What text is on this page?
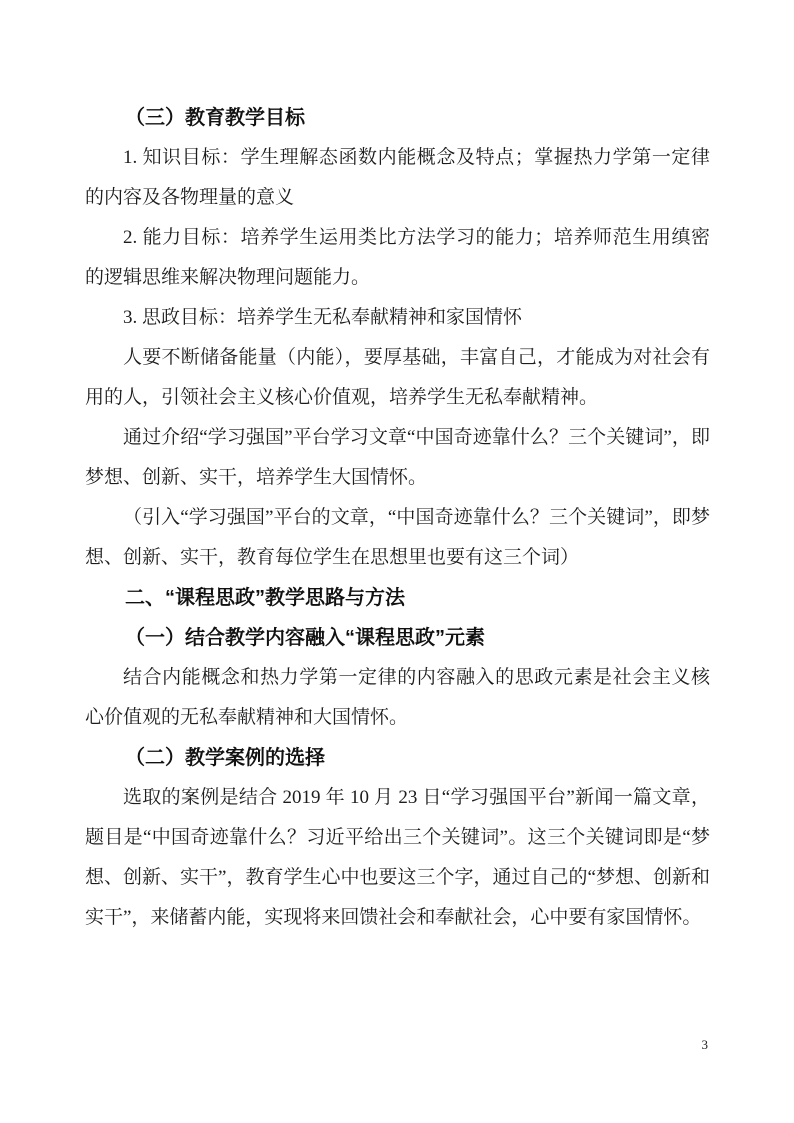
（三）教育教学目标

1. 知识目标：学生理解态函数内能概念及特点；掌握热力学第一定律的内容及各物理量的意义

2. 能力目标：培养学生运用类比方法学习的能力；培养师范生用缜密的逻辑思维来解决物理问题能力。

3. 思政目标：培养学生无私奉献精神和家国情怀

人要不断储备能量（内能），要厚基础，丰富自己，才能成为对社会有用的人，引领社会主义核心价值观，培养学生无私奉献精神。

通过介绍“学习强国”平台学习文章“中国奇迹靠什么？三个关键词”，即梦想、创新、实干，培养学生大国情怀。

（引入“学习强国”平台的文章，“中国奇迹靠什么？三个关键词”，即梦想、创新、实干，教育每位学生在思想里也要有这三个词）

二、“课程思政”教学思路与方法
（一）结合教学内容融入“课程思政”元素

结合内能概念和热力学第一定律的内容融入的思政元素是社会主义核心价值观的无私奉献精神和大国情怀。

（二）教学案例的选择

选取的案例是结合 2019 年 10 月 23 日“学习强国平台”新闻一篇文章，题目是“中国奇迹靠什么？习近平给出三个关键词”。这三个关键词即是“梦想、创新、实干”，教育学生心中也要这三个字，通过自己的“梦想、创新和实干”，来储蓄内能，实现将来回馈社会和奉献社会，心中要有家国情怀。

3
